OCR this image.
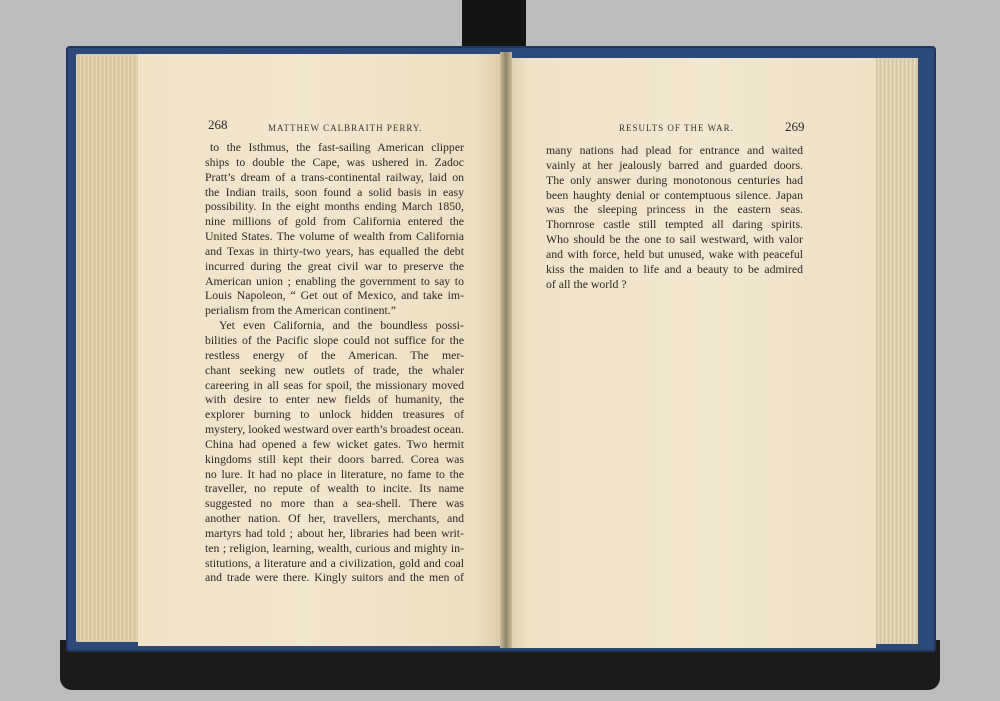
268	MATTHEW CALBRAITH PERRY.	RESULTS OF THE WAR.	269
to the Isthmus, the fast-sailing American clipper
ships to double the Cape, was ushered in. Zadoc
Pratt’s dream of a trans-continental railway, laid on
the Indian trails, soon found a solid basis in easy
possibility. In the eight months ending March 1850,
nine millions of gold from California entered the
United States. The volume of wealth from California
and Texas in thirty-two years, has equalled the debt
incurred during the great civil war to preserve the
American union ; enabling the government to say to
Louis Napoleon, “ Get out of Mexico, and take im-
perialism from the American continent.”
Yet even California, and the boundless possi-
bilities of the Pacific slope could not suffice for the
restless energy of the American. The mer-
chant seeking new outlets of trade, the whaler
careering in all seas for spoil, the missionary moved
with desire to enter new fields of humanity, the
explorer burning to unlock hidden treasures of
mystery, looked westward over earth’s broadest ocean.
China had opened a few wicket gates. Two hermit
kingdoms still kept their doors barred. Corea was
no lure. It had no place in literature, no fame to the
traveller, no repute of wealth to incite. Its name
suggested no more than a sea-shell. There was
another nation. Of her, travellers, merchants, and
martyrs had told ; about her, libraries had been writ-
ten ; religion, learning, wealth, curious and mighty in-
stitutions, a literature and a civilization, gold and coal
and trade were there. Kingly suitors and the men of
many nations had plead for entrance and waited
vainly at her jealously barred and guarded doors.
The only answer during monotonous centuries had
been haughty denial or contemptuous silence. Japan
was the sleeping princess in the eastern seas.
Thornrose castle still tempted all daring spirits.
Who should be the one to sail westward, with valor
and with force, held but unused, wake with peaceful
kiss the maiden to life and a beauty to be admired
of all the world ?
